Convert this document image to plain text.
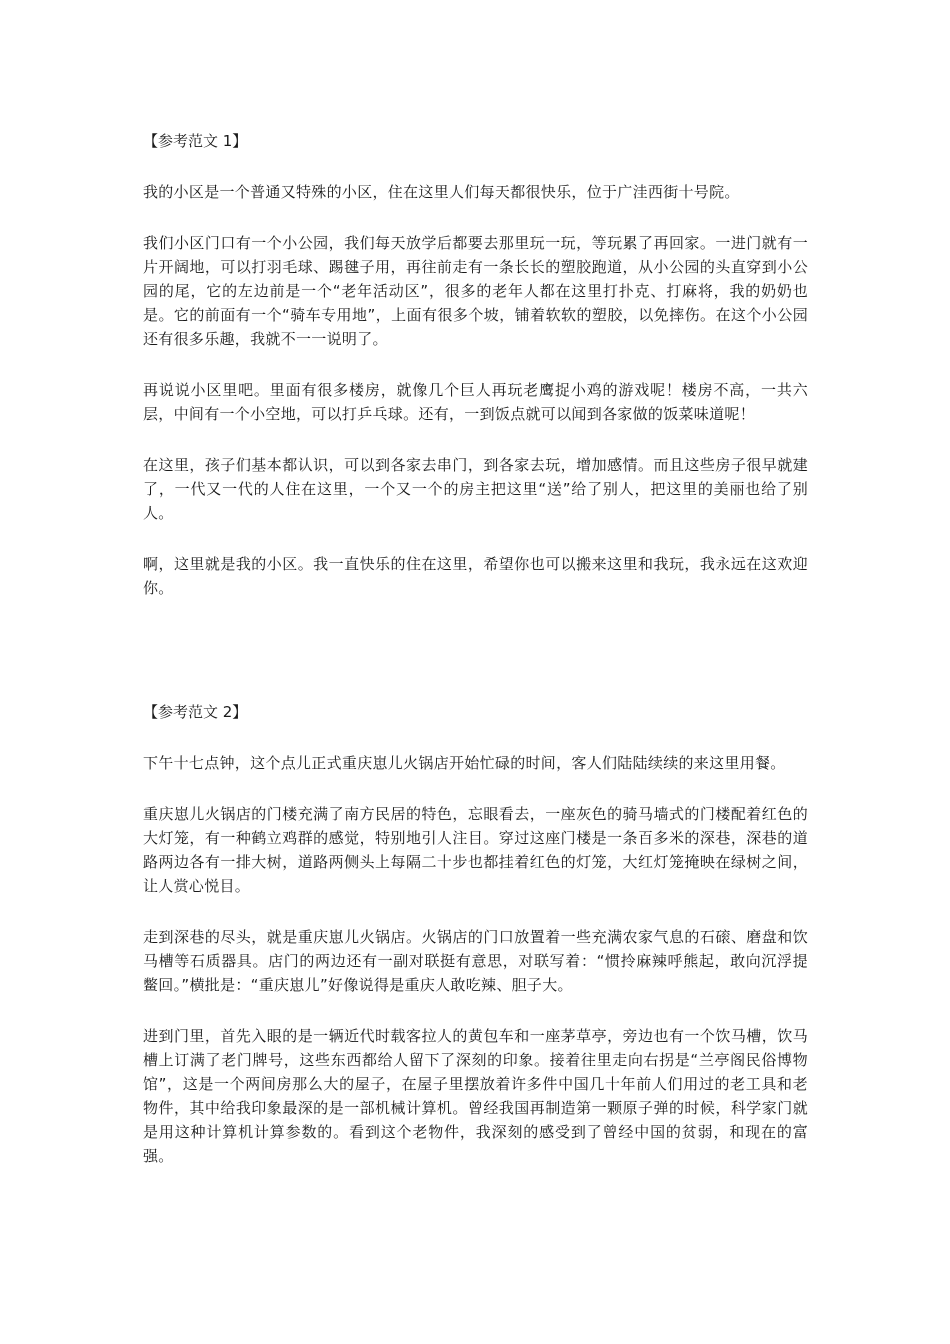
【参考范文 1】

我的小区是一个普通又特殊的小区，住在这里人们每天都很快乐，位于广洼西街十号院。

我们小区门口有一个小公园，我们每天放学后都要去那里玩一玩，等玩累了再回家。一进门就有一片开阔地，可以打羽毛球、踢毽子用，再往前走有一条长长的塑胶跑道，从小公园的头直穿到小公园的尾，它的左边前是一个“老年活动区”，很多的老年人都在这里打扑克、打麻将，我的奶奶也是。它的前面有一个“骑车专用地”，上面有很多个坡，铺着软软的塑胶，以免摔伤。在这个小公园还有很多乐趣，我就不一一说明了。

再说说小区里吧。里面有很多楼房，就像几个巨人再玩老鹰捉小鸡的游戏呢！楼房不高，一共六层，中间有一个小空地，可以打乒乓球。还有，一到饭点就可以闻到各家做的饭菜味道呢！

在这里，孩子们基本都认识，可以到各家去串门，到各家去玩，增加感情。而且这些房子很早就建了，一代又一代的人住在这里，一个又一个的房主把这里“送”给了别人，把这里的美丽也给了别人。

啊，这里就是我的小区。我一直快乐的住在这里，希望你也可以搬来这里和我玩，我永远在这欢迎你。

【参考范文 2】

下午十七点钟，这个点儿正式重庆崽儿火锅店开始忙碌的时间，客人们陆陆续续的来这里用餐。

重庆崽儿火锅店的门楼充满了南方民居的特色，忘眼看去，一座灰色的骑马墙式的门楼配着红色的大灯笼，有一种鹤立鸡群的感觉，特别地引人注目。穿过这座门楼是一条百多米的深巷，深巷的道路两边各有一排大树，道路两侧头上每隔二十步也都挂着红色的灯笼，大红灯笼掩映在绿树之间，让人赏心悦目。

走到深巷的尽头，就是重庆崽儿火锅店。火锅店的门口放置着一些充满农家气息的石磙、磨盘和饮马槽等石质器具。店门的两边还有一副对联挺有意思，对联写着：“惯拎麻辣呼熊起，敢向沉浮提鳖回。”横批是：“重庆崽儿”好像说得是重庆人敢吃辣、胆子大。

进到门里，首先入眼的是一辆近代时载客拉人的黄包车和一座茅草亭，旁边也有一个饮马槽，饮马槽上订满了老门牌号，这些东西都给人留下了深刻的印象。接着往里走向右拐是“兰亭阁民俗博物馆”，这是一个两间房那么大的屋子，在屋子里摆放着许多件中国几十年前人们用过的老工具和老物件，其中给我印象最深的是一部机械计算机。曾经我国再制造第一颗原子弹的时候，科学家门就是用这种计算机计算参数的。看到这个老物件，我深刻的感受到了曾经中国的贫弱，和现在的富强。
